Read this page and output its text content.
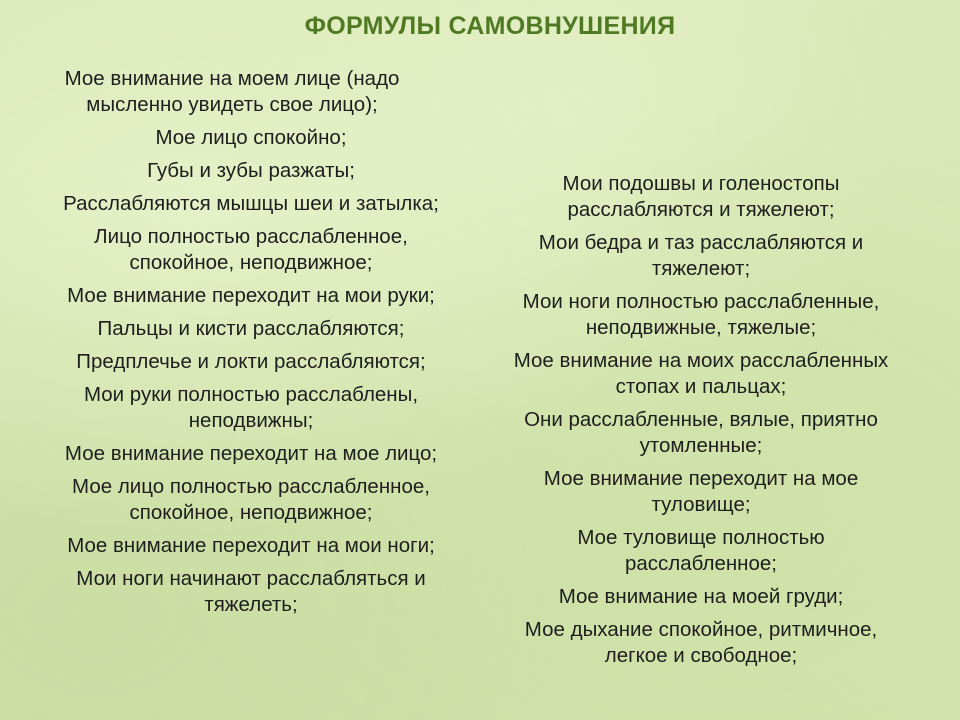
ФОРМУЛЫ САМОВНУШЕНИЯ
Мое внимание на моем лице (надо мысленно увидеть свое лицо);
Мое лицо спокойно;
Губы и зубы разжаты;
Расслабляются мышцы шеи и затылка;
Лицо полностью расслабленное, спокойное, неподвижное;
Мое внимание переходит на мои руки;
Пальцы и кисти расслабляются;
Предплечье и локти расслабляются;
Мои руки полностью расслаблены, неподвижны;
Мое внимание переходит на мое лицо;
Мое лицо полностью расслабленное, спокойное, неподвижное;
Мое внимание переходит на мои ноги;
Мои ноги начинают расслабляться и тяжелеть;
Мои подошвы и голеностопы расслабляются и тяжелеют;
Мои бедра и таз расслабляются и тяжелеют;
Мои ноги полностью расслабленные, неподвижные, тяжелые;
Мое внимание на моих расслабленных стопах и пальцах;
Они расслабленные, вялые, приятно утомленные;
Мое внимание переходит на мое туловище;
Мое туловище полностью расслабленное;
Мое внимание на моей груди;
Мое дыхание спокойное, ритмичное, легкое и свободное;
